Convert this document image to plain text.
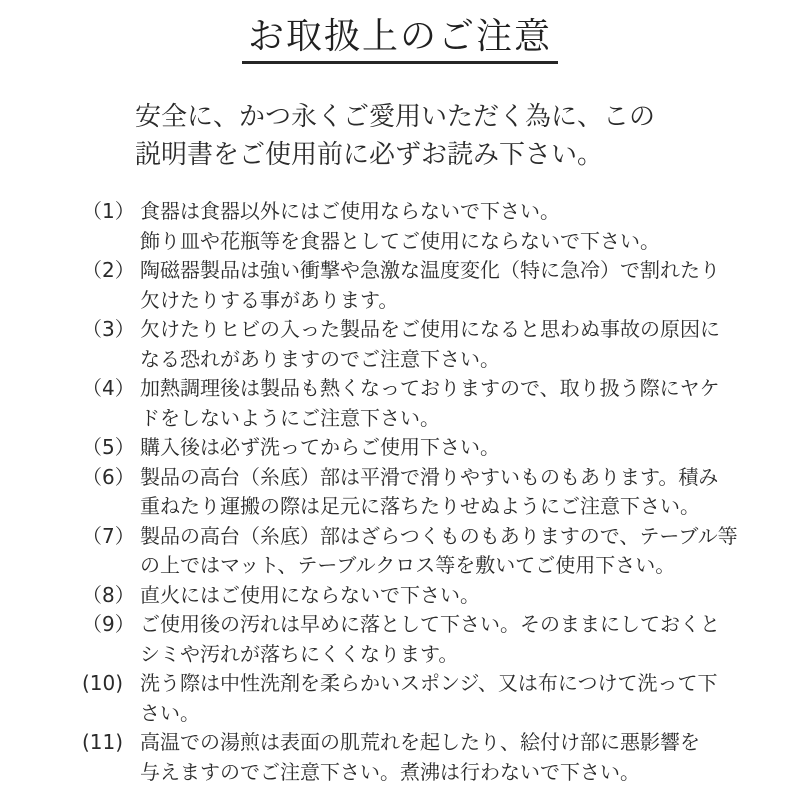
お取扱上のご注意

安全に、かつ永くご愛用いただく為に、この
説明書をご使用前に必ずお読み下さい。

（1） 食器は食器以外にはご使用ならないで下さい。
飾り皿や花瓶等を食器としてご使用にならないで下さい。
（2） 陶磁器製品は強い衝撃や急激な温度変化（特に急冷）で割れたり
欠けたりする事があります。
（3） 欠けたりヒビの入った製品をご使用になると思わぬ事故の原因に
なる恐れがありますのでご注意下さい。
（4） 加熱調理後は製品も熱くなっておりますので、取り扱う際にヤケ
ドをしないようにご注意下さい。
（5） 購入後は必ず洗ってからご使用下さい。
（6） 製品の高台（糸底）部は平滑で滑りやすいものもあります。積み
重ねたり運搬の際は足元に落ちたりせぬようにご注意下さい。
（7） 製品の高台（糸底）部はざらつくものもありますので、テーブル等
の上ではマット、テーブルクロス等を敷いてご使用下さい。
（8） 直火にはご使用にならないで下さい。
（9） ご使用後の汚れは早めに落として下さい。そのままにしておくと
シミや汚れが落ちにくくなります。
(10) 洗う際は中性洗剤を柔らかいスポンジ、又は布につけて洗って下
さい。
(11) 高温での湯煎は表面の肌荒れを起したり、絵付け部に悪影響を
与えますのでご注意下さい。煮沸は行わないで下さい。
